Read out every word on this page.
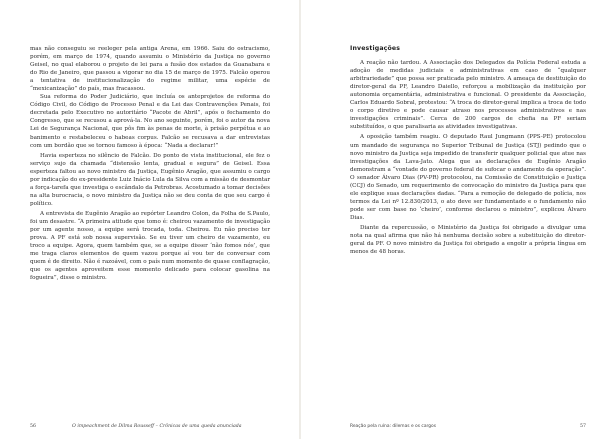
mas não conseguiu se reeleger pela antiga Arena, em 1966. Saiu do ostracismo, porém, em março de 1974, quando assumiu o Ministério da Justiça no governo Geisel, no qual elaborou o projeto de lei para a fusão dos estados da Guanabara e do Rio de Janeiro, que passou a vigorar no dia 15 de março de 1975. Falcão operou a tentativa de institucionalização do regime militar, uma espécie de “mexicanização” do país, mas fracassou.

Sua reforma do Poder Judiciário, que incluía os anteprojetos de reforma do Código Civil, do Código de Processo Penal e da Lei das Contravenções Penais, foi decretada pelo Executivo no autoritário “Pacote de Abril”, após o fechamento do Congresso, que se recusou a aprová-la. No ano seguinte, porém, foi o autor da nova Lei de Segurança Nacional, que pôs fim às penas de morte, à prisão perpétua e ao banimento e restabeleceu o habeas corpus. Falcão se recusava a dar entrevistas com um bordão que se tornou famoso à época: “Nada a declarar!”

Havia esperteza no silêncio de Falcão. Do ponto de vista institucional, ele fez o serviço sujo da chamada “distensão lenta, gradual e segura” de Geisel. Essa esperteza faltou ao novo ministro da Justiça, Eugênio Aragão, que assumiu o cargo por indicação do ex-presidente Luiz Inácio Lula da Silva com a missão de desmontar a força-tarefa que investiga o escândalo da Petrobras. Acostumado a tomar decisões na alta burocracia, o novo ministro da Justiça não se deu conta de que seu cargo é político.

A entrevista de Eugênio Aragão ao repórter Leandro Colon, da Folha de S.Paulo, foi um desastre. “A primeira atitude que tomo é: cheirou vazamento de investigação por um agente nosso, a equipe será trocada, toda. Cheirou. Eu não preciso ter prova. A PF está sob nossa supervisão. Se eu tiver um cheiro de vazamento, eu troco a equipe. Agora, quem também que, se a equipe disser ‘não fomos nós’, que me traga claros elementos de quem vazou porque aí vou ter de conversar com quem é de direito. Não é razoável, com o país num momento de quase conflagração, que os agentes aproveitem esse momento delicado para colocar gasolina na fogueira”, disse o ministro.

56	O impeachment de Dilma Rousseff – Crônicas de uma queda anunciada
Investigações

A reação não tardou. A Associação dos Delegados da Polícia Federal estuda a adoção de medidas judiciais e administrativas em caso de “qualquer arbitrariedade” que possa ser praticada pelo ministro. A ameaça de destituição do diretor-geral da PF, Leandro Daiello, reforçou a mobilização da instituição por autonomia orçamentária, administrativa e funcional. O presidente da Associação, Carlos Eduardo Sobral, protestou: “A troca do diretor-geral implica a troca de todo o corpo diretivo e pode causar atraso nos processos administrativos e nas investigações criminais”. Cerca de 200 cargos de chefia na PF seriam substituídos, o que paralisaria as atividades investigativas.

A oposição também reagiu. O deputado Raul Jungmann (PPS-PE) protocolou um mandado de segurança no Superior Tribunal de Justiça (STJ) pedindo que o novo ministro da Justiça seja impedido de transferir qualquer policial que atue nas investigações da Lava-Jato. Alega que as declarações de Eugênio Aragão demonstram a “vontade do governo federal de sufocar o andamento da operação”. O senador Álvaro Dias (PV-PR) protocolou, na Comissão de Constituição e Justiça (CCJ) do Senado, um requerimento de convocação do ministro da Justiça para que ele explique suas declarações dadas. “Para a remoção de delegado de polícia, nos termos da Lei nº 12.830/2013, o ato deve ser fundamentado e o fundamento não pode ser com base no ‘cheiro’, conforme declarou o ministro”, explicou Álvaro Dias.

Diante da repercussão, o Ministério da Justiça foi obrigado a divulgar uma nota na qual afirma que não há nenhuma decisão sobre a substituição do diretor-geral da PF. O novo ministro da Justiça foi obrigado a engolir a própria língua em menos de 48 horas.

Reação pela ruína: dilemas e os cargos	57
